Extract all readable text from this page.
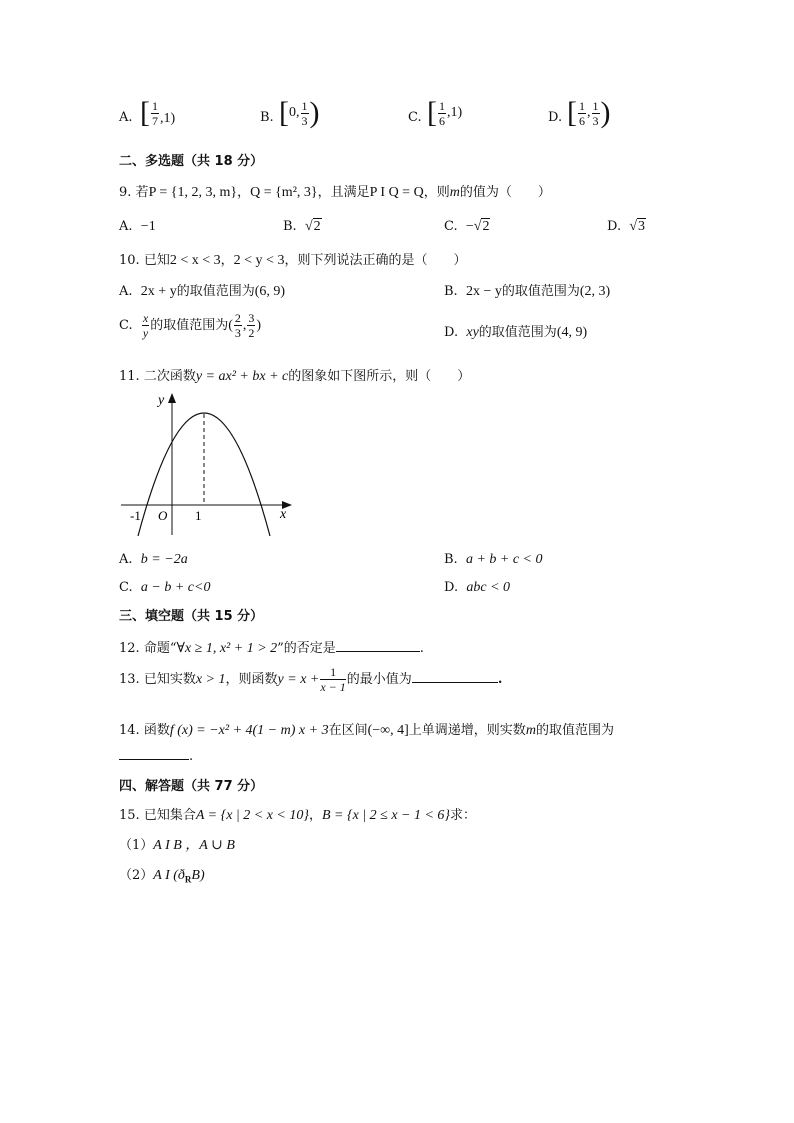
A. [ $\frac{1}{7} ,1$)	B. [0, $\frac{1}{3}$ )	C. [ $\frac{1}{6} ,1$)	D. [ $\frac{1}{6}$ , $\frac{1}{3}$ )
二、多选题（共 18 分）
9. 若P = {1, 2, 3, m}，Q = {m², 3}，且满足P I Q = Q，则m的值为（　　）
A. −1	B. √2	C. −√2	D. √3
10. 已知2 < x < 3，2 < y < 3，则下列说法正确的是（　　）
A. 2x + y的取值范围为(6, 9)	B. 2x − y的取值范围为(2, 3)
C. $\frac{x}{y}$ 的取值范围为( $\frac{2}{3}$ , $\frac{3}{2}$ )	D. xy的取值范围为(4, 9)
11. 二次函数y = ax² + bx + c的图象如下图所示，则（　　）
y
x
O
-1	1
A. b = −2a	B. a + b + c < 0
C. a − b + c<0	D. abc < 0
三、填空题（共 15 分）
12. 命题“∀x ≥ 1, x² + 1 > 2”的否定是	.
13. 已知实数x > 1，则函数$y = x + \frac{1}{x - 1}$ 的最小值为	.
14. 函数f (x) = −x² + 4(1 − m) x + 3在区间(−∞, 4]上单调递增，则实数m的取值范围为
.
四、解答题（共 77 分）
15. 已知集合A = {x | 2 < x < 10}，B = {x | 2 ≤ x − 1 < 6}求：
（1）A I B ，A ∪ B
（2）A I $(ð_RB)$
